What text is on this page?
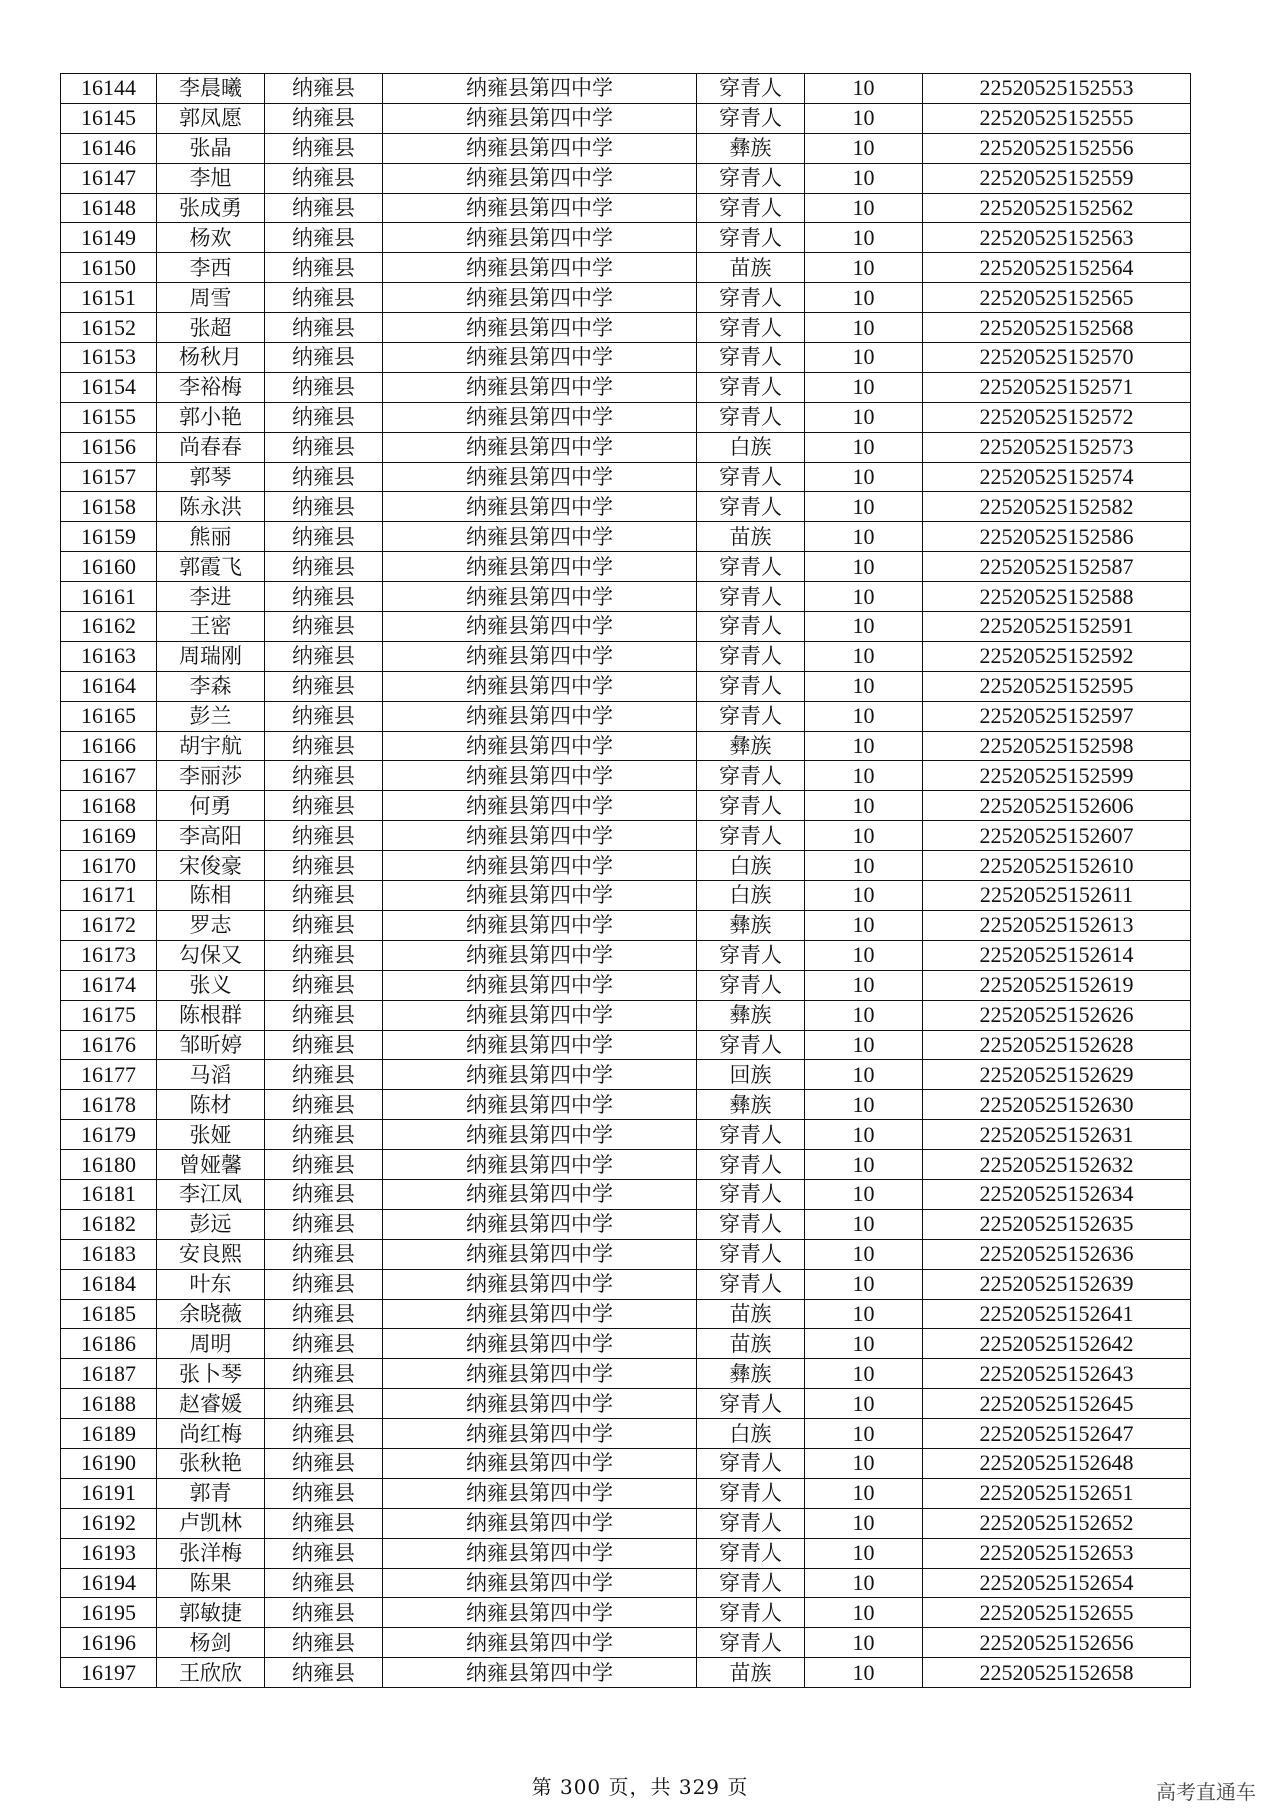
16144	李晨曦	纳雍县	纳雍县第四中学	穿青人	10	22520525152553
16145	郭凤愿	纳雍县	纳雍县第四中学	穿青人	10	22520525152555
16146	张晶	纳雍县	纳雍县第四中学	彝族	10	22520525152556
16147	李旭	纳雍县	纳雍县第四中学	穿青人	10	22520525152559
16148	张成勇	纳雍县	纳雍县第四中学	穿青人	10	22520525152562
16149	杨欢	纳雍县	纳雍县第四中学	穿青人	10	22520525152563
16150	李西	纳雍县	纳雍县第四中学	苗族	10	22520525152564
16151	周雪	纳雍县	纳雍县第四中学	穿青人	10	22520525152565
16152	张超	纳雍县	纳雍县第四中学	穿青人	10	22520525152568
16153	杨秋月	纳雍县	纳雍县第四中学	穿青人	10	22520525152570
16154	李裕梅	纳雍县	纳雍县第四中学	穿青人	10	22520525152571
16155	郭小艳	纳雍县	纳雍县第四中学	穿青人	10	22520525152572
16156	尚春春	纳雍县	纳雍县第四中学	白族	10	22520525152573
16157	郭琴	纳雍县	纳雍县第四中学	穿青人	10	22520525152574
16158	陈永洪	纳雍县	纳雍县第四中学	穿青人	10	22520525152582
16159	熊丽	纳雍县	纳雍县第四中学	苗族	10	22520525152586
16160	郭霞飞	纳雍县	纳雍县第四中学	穿青人	10	22520525152587
16161	李进	纳雍县	纳雍县第四中学	穿青人	10	22520525152588
16162	王密	纳雍县	纳雍县第四中学	穿青人	10	22520525152591
16163	周瑞刚	纳雍县	纳雍县第四中学	穿青人	10	22520525152592
16164	李森	纳雍县	纳雍县第四中学	穿青人	10	22520525152595
16165	彭兰	纳雍县	纳雍县第四中学	穿青人	10	22520525152597
16166	胡宇航	纳雍县	纳雍县第四中学	彝族	10	22520525152598
16167	李丽莎	纳雍县	纳雍县第四中学	穿青人	10	22520525152599
16168	何勇	纳雍县	纳雍县第四中学	穿青人	10	22520525152606
16169	李高阳	纳雍县	纳雍县第四中学	穿青人	10	22520525152607
16170	宋俊豪	纳雍县	纳雍县第四中学	白族	10	22520525152610
16171	陈相	纳雍县	纳雍县第四中学	白族	10	22520525152611
16172	罗志	纳雍县	纳雍县第四中学	彝族	10	22520525152613
16173	勾保又	纳雍县	纳雍县第四中学	穿青人	10	22520525152614
16174	张义	纳雍县	纳雍县第四中学	穿青人	10	22520525152619
16175	陈根群	纳雍县	纳雍县第四中学	彝族	10	22520525152626
16176	邹昕婷	纳雍县	纳雍县第四中学	穿青人	10	22520525152628
16177	马滔	纳雍县	纳雍县第四中学	回族	10	22520525152629
16178	陈材	纳雍县	纳雍县第四中学	彝族	10	22520525152630
16179	张娅	纳雍县	纳雍县第四中学	穿青人	10	22520525152631
16180	曾娅馨	纳雍县	纳雍县第四中学	穿青人	10	22520525152632
16181	李江凤	纳雍县	纳雍县第四中学	穿青人	10	22520525152634
16182	彭远	纳雍县	纳雍县第四中学	穿青人	10	22520525152635
16183	安良熙	纳雍县	纳雍县第四中学	穿青人	10	22520525152636
16184	叶东	纳雍县	纳雍县第四中学	穿青人	10	22520525152639
16185	余晓薇	纳雍县	纳雍县第四中学	苗族	10	22520525152641
16186	周明	纳雍县	纳雍县第四中学	苗族	10	22520525152642
16187	张卜琴	纳雍县	纳雍县第四中学	彝族	10	22520525152643
16188	赵睿媛	纳雍县	纳雍县第四中学	穿青人	10	22520525152645
16189	尚红梅	纳雍县	纳雍县第四中学	白族	10	22520525152647
16190	张秋艳	纳雍县	纳雍县第四中学	穿青人	10	22520525152648
16191	郭青	纳雍县	纳雍县第四中学	穿青人	10	22520525152651
16192	卢凯林	纳雍县	纳雍县第四中学	穿青人	10	22520525152652
16193	张洋梅	纳雍县	纳雍县第四中学	穿青人	10	22520525152653
16194	陈果	纳雍县	纳雍县第四中学	穿青人	10	22520525152654
16195	郭敏捷	纳雍县	纳雍县第四中学	穿青人	10	22520525152655
16196	杨剑	纳雍县	纳雍县第四中学	穿青人	10	22520525152656
16197	王欣欣	纳雍县	纳雍县第四中学	苗族	10	22520525152658
第 300 页，共 329 页	高考直通车
